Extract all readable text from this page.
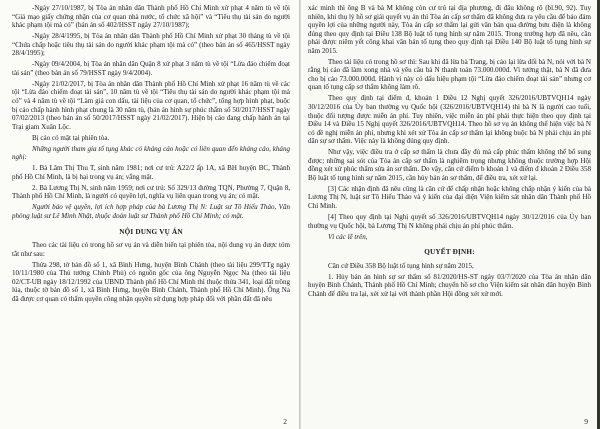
-Ngày 27/10/1987, bị Tòa án nhân dân Thành phố Hồ Chí Minh xử phạt 4 năm tù về tội “Giả mạo giấy chứng nhận của cơ quan nhà nước, tổ chức xã hội” và “Tiêu thụ tài sản do người khác phạm tội mà có” (bản án số 402/HSST ngày 27/10/1987);

-Ngày 28/4/1995, bị Tòa án nhân dân Thành phố Hồ Chí Minh xử phạt 30 tháng tù về tội “Chứa chấp hoặc tiêu thụ tài sản do người khác phạm tội mà có” (theo bản án số 465/HSST ngày 28/4/1995);

-Ngày 09/4/2004, bị Tòa án nhân dân Quận 8 xử phạt 3 năm tù về tội “Lừa đảo chiếm đoạt tài sản” (theo bản án số 79/HSST ngày 9/4/2004).

-Ngày 21/02/2017, bị Tòa án nhân dân Thành phố Hồ Chí Minh xử phạt 16 năm tù về các tội “Lừa đảo chiếm đoạt tài sản”, 10 năm tù về tội “Tiêu thụ tài sản do người khác phạm tội mà có” và 4 năm tù về tội “Làm giả con dấu, tài liệu của cơ quan, tổ chức”, tổng hợp hình phạt, buộc bị cáo chấp hành hình phạt chung là 30 năm tù, (bản án hình sự phúc thẩm số 50/2017/HSST ngày 07/02/2013 (theo bản án số 50/2017/HSST ngày 21/02/2017). Hiện bị cáo đang chấp hành án tại Trại giam Xuân Lộc.

Bị cáo có mặt tại phiên tòa.

Những người tham gia tố tụng khác có kháng cáo hoặc có liên quan đến kháng cáo, kháng nghị:

1. Bà Lâm Thị Thu T, sinh năm 1981; nơi cư trú: A22/2 ấp 1A, xã BH huyện BC, Thành phố Hồ Chí Minh, là bị hại trong vụ án; vắng mặt.

2. Bà Lương Thị N, sinh năm 1959; nơi cư trú: Số 329/13 đường TQN, Phường 7, Quận 8, Thành phố Hồ Chí Minh, là người có quyền lợi, nghĩa vụ liên quan trong vụ án; có mặt.

Người bảo vệ quyền, lợi ích hợp pháp của bà Lương Thị N: Luật sư Tô Hiếu Thảo, Văn phòng luật sư Lê Minh Nhật, thuộc đoàn luật sư Thành phố Hồ Chí Minh; có mặt.

NỘI DUNG VỤ ÁN

Theo các tài liệu có trong hồ sơ vụ án và diễn biến tại phiên tòa, nội dung vụ án được tóm tắt như sau:

Thửa 298, tờ bản đồ số 1, xã Bình Hưng, huyện Bình Chánh (theo tài liệu 299/TTg ngày 10/11/1980 của Thủ tướng Chính Phủ) có nguồn gốc của ông Nguyễn Ngọc Na (theo tài liệu 02/CT-UB ngày 18/12/1992 của UBND Thành phố Hồ Chí Minh thì thuộc thửa 341, loại đất trồng lúa, thuộc tờ bản đồ số 1, xã Bình Hưng, huyện Bình Chánh, Thành phố Hồ Chí Minh). Ông Na đã được cơ quan có thẩm quyền công nhận quyền sử dụng hợp pháp đối với phần đất đã nêu

2

xác minh thì ông B và bà M không còn cư trú tại địa phương, đi đâu không rõ (bl.90, 92). Tuy nhiên, khi thụ lý hồ sơ giải quyết vụ án thì Tòa án cấp sơ thẩm đã không đưa ra yêu cầu để bảo đảm quyền lợi của những người này, Tòa án cấp sơ thẩm lại gửi văn bản qua đường bưu điện là không đúng theo quy định tại Điều 138 Bộ luật tố tụng hình sự năm 2015. Trong trường hợp đã nêu, cần phải được niêm yết công khai văn bản tố tụng theo quy định tại Điều 140 Bộ luật tố tụng hình sự năm 2015.

Theo tài liệu có trong hồ sơ thì: Sau khi đã lừa bà Trang, bị cáo lại lừa đối bà N, nói với bà N rằng bị cáo đã làm xong nhà và yêu cầu bà N thanh toán 73.000.000đ. Vì tưởng thật, bà N đã đưa cho bị cáo 73.000.000đ. Hành vi này có dấu hiệu phạm tội “Lừa đảo chiếm đoạt tài sản” nhưng cơ quan tố tụng cấp sơ thẩm không làm rõ.

Theo quy định tại điểm đ, khoản 1 Điều 12 Nghị quyết 326/2016/UBTVQH14 ngày 30/12/2016 của Ủy ban thường vụ Quốc hội (326/2016/UBTVQH14) thì bà N là người cao tuổi, thuộc đối tượng được miễn án phí. Tuy nhiên, việc miễn án phí phải thực hiện theo quy định tại Điều 14 và Điều 15 Nghị quyết 326/2016/UBTVQH14. Theo hồ sơ vụ án không thể hiện việc bà N có đề nghị miễn án phí, nhưng khi xét xử Tòa án cấp sơ thẩm lại không buộc bà N phải chịu án phí dân sự sơ thẩm. Việc này là không đúng quy định.

Như vậy, việc điều tra ở cấp sơ thẩm là chưa đầy đủ mà cấp phúc thẩm không thể bổ sung được; những sai sót của Tòa án cấp sơ thẩm là nghiêm trọng nhưng không thuộc trường hợp Hội đồng xét xử phúc thẩm sửa án sơ thẩm. Do vậy, căn cứ điểm b khoản 1 và điểm đ khoản 2 Điều 358 Bộ luật tố tụng hình sự năm 2015, cần hủy bản án sơ thẩm, để điều tra, xét xử lại.

[3] Các nhận định đã nêu cũng là căn cứ để chấp nhận hoặc không chấp nhận ý kiến của bà Lương Thị N, luật sư Tô Hiếu Thảo và ý kiến của đại diện Viện kiểm sát nhân dân Thành phố Hồ Chí Minh.

[4] Theo quy định tại Nghị quyết số 326/2016/UBTVQH14 ngày 30/12/2016 của Ủy ban thường vụ Quốc hội, bà Lương Thị N không phải chịu án phí phúc thẩm.

Vì các lẽ trên,

QUYẾT ĐỊNH:

Căn cứ Điều 358 Bộ luật tố tụng hình sự năm 2015,

1. Hủy bản án hình sự sơ thẩm số 81/2020/HS-ST ngày 03/7/2020 của Tòa án nhân dân huyện Bình Chánh, Thành phố Hồ Chí Minh; chuyển hồ sơ cho Viện kiểm sát nhân dân huyện Bình Chánh để điều tra lại, xét xử lại với thành phần Hội đồng xét xử mới.

9
